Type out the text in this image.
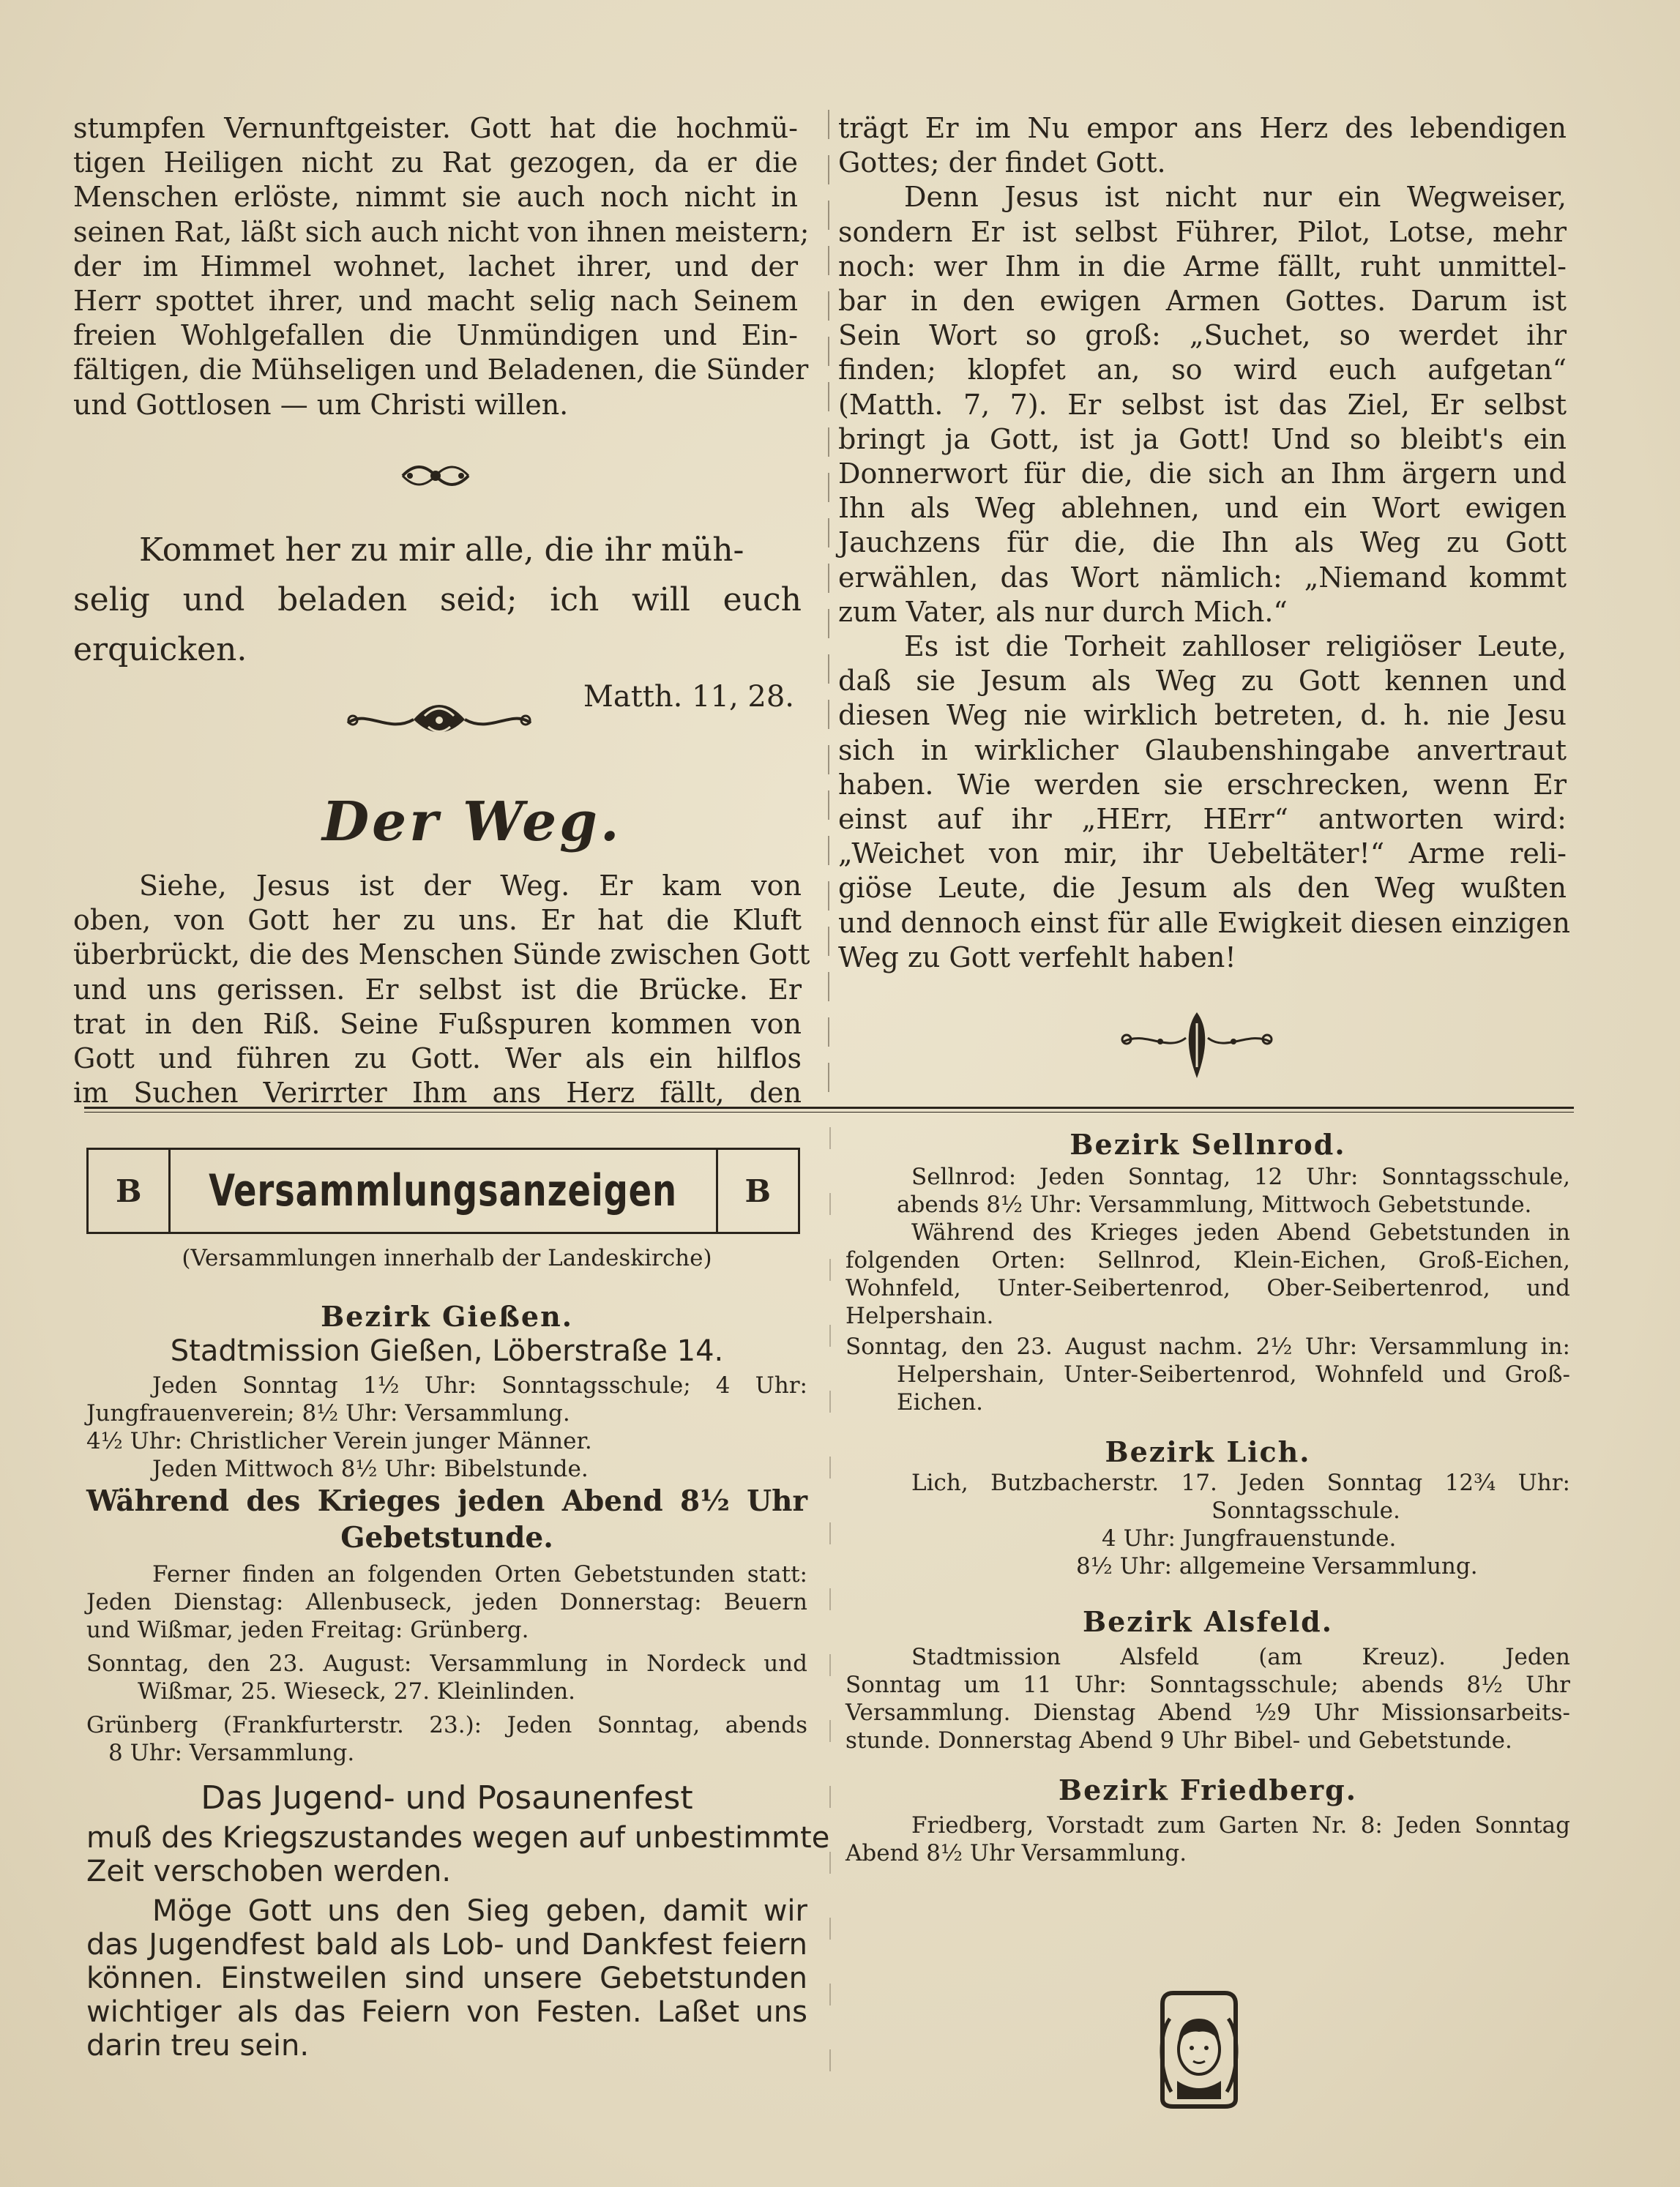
stumpfen Vernunftgeister. Gott hat die hochmü-

tigen Heiligen nicht zu Rat gezogen, da er die

Menschen erlöste, nimmt sie auch noch nicht in

seinen Rat, läßt sich auch nicht von ihnen meistern;

der im Himmel wohnet, lachet ihrer, und der

Herr spottet ihrer, und macht selig nach Seinem

freien Wohlgefallen die Unmündigen und Ein-

fältigen, die Mühseligen und Beladenen, die Sünder

und Gottlosen — um Christi willen.

Kommet her zu mir alle, die ihr müh-
selig und beladen seid; ich will euch erquicken.
Matth. 11, 28.
Der Weg.

Siehe, Jesus ist der Weg. Er kam von

oben, von Gott her zu uns. Er hat die Kluft

überbrückt, die des Menschen Sünde zwischen Gott

und uns gerissen. Er selbst ist die Brücke. Er

trat in den Riß. Seine Fußspuren kommen von

Gott und führen zu Gott. Wer als ein hilflos

im Suchen Verirrter Ihm ans Herz fällt, den

trägt Er im Nu empor ans Herz des lebendigen

Gottes; der findet Gott.

Denn Jesus ist nicht nur ein Wegweiser,

sondern Er ist selbst Führer, Pilot, Lotse, mehr

noch: wer Ihm in die Arme fällt, ruht unmittel-

bar in den ewigen Armen Gottes. Darum ist

Sein Wort so groß: „Suchet, so werdet ihr

finden; klopfet an, so wird euch aufgetan“

(Matth. 7, 7). Er selbst ist das Ziel, Er selbst

bringt ja Gott, ist ja Gott! Und so bleibt's ein

Donnerwort für die, die sich an Ihm ärgern und

Ihn als Weg ablehnen, und ein Wort ewigen

Jauchzens für die, die Ihn als Weg zu Gott

erwählen, das Wort nämlich: „Niemand kommt

zum Vater, als nur durch Mich.“

Es ist die Torheit zahlloser religiöser Leute,

daß sie Jesum als Weg zu Gott kennen und

diesen Weg nie wirklich betreten, d. h. nie Jesu

sich in wirklicher Glaubenshingabe anvertraut

haben. Wie werden sie erschrecken, wenn Er

einst auf ihr „HErr, HErr“ antworten wird:

„Weichet von mir, ihr Uebeltäter!“ Arme reli-

giöse Leute, die Jesum als den Weg wußten

und dennoch einst für alle Ewigkeit diesen einzigen

Weg zu Gott verfehlt haben!

B	Versammlungsanzeigen	B
(Versammlungen innerhalb der Landeskirche)
Bezirk Gießen.
Stadtmission Gießen, Löberstraße 14.
Jeden Sonntag 1½ Uhr: Sonntagsschule; 4 Uhr:
Jungfrauenverein; 8½ Uhr: Versammlung.
4½ Uhr: Christlicher Verein junger Männer.
Jeden Mittwoch 8½ Uhr: Bibelstunde.
Während des Krieges jeden Abend 8½ Uhr
Gebetstunde.
Ferner finden an folgenden Orten Gebetstunden statt:
Jeden Dienstag: Allenbuseck, jeden Donnerstag: Beuern
und Wißmar, jeden Freitag: Grünberg.
Sonntag, den 23. August: Versammlung in Nordeck und
Wißmar, 25. Wieseck, 27. Kleinlinden.
Grünberg (Frankfurterstr. 23.): Jeden Sonntag, abends
8 Uhr: Versammlung.
Das Jugend- und Posaunenfest
muß des Kriegszustandes wegen auf unbestimmte
Zeit verschoben werden.
Möge Gott uns den Sieg geben, damit wir
das Jugendfest bald als Lob- und Dankfest feiern
können. Einstweilen sind unsere Gebetstunden
wichtiger als das Feiern von Festen. Laßet uns
darin treu sein.
Bezirk Sellnrod.
Sellnrod: Jeden Sonntag, 12 Uhr: Sonntagsschule,
abends 8½ Uhr: Versammlung, Mittwoch Gebetstunde.
Während des Krieges jeden Abend Gebetstunden in
folgenden Orten: Sellnrod, Klein-Eichen, Groß-Eichen,
Wohnfeld, Unter-Seibertenrod, Ober-Seibertenrod, und
Helpershain.
Sonntag, den 23. August nachm. 2½ Uhr: Versammlung in:
Helpershain, Unter-Seibertenrod, Wohnfeld und Groß-
Eichen.
Bezirk Lich.
Lich, Butzbacherstr. 17. Jeden Sonntag 12¾ Uhr:
Sonntagsschule.
4 Uhr: Jungfrauenstunde.
8½ Uhr: allgemeine Versammlung.
Bezirk Alsfeld.
Stadtmission Alsfeld (am Kreuz). Jeden
Sonntag um 11 Uhr: Sonntagsschule; abends 8½ Uhr
Versammlung. Dienstag Abend ½9 Uhr Missionsarbeits-
stunde. Donnerstag Abend 9 Uhr Bibel- und Gebetstunde.
Bezirk Friedberg.
Friedberg, Vorstadt zum Garten Nr. 8: Jeden Sonntag
Abend 8½ Uhr Versammlung.
